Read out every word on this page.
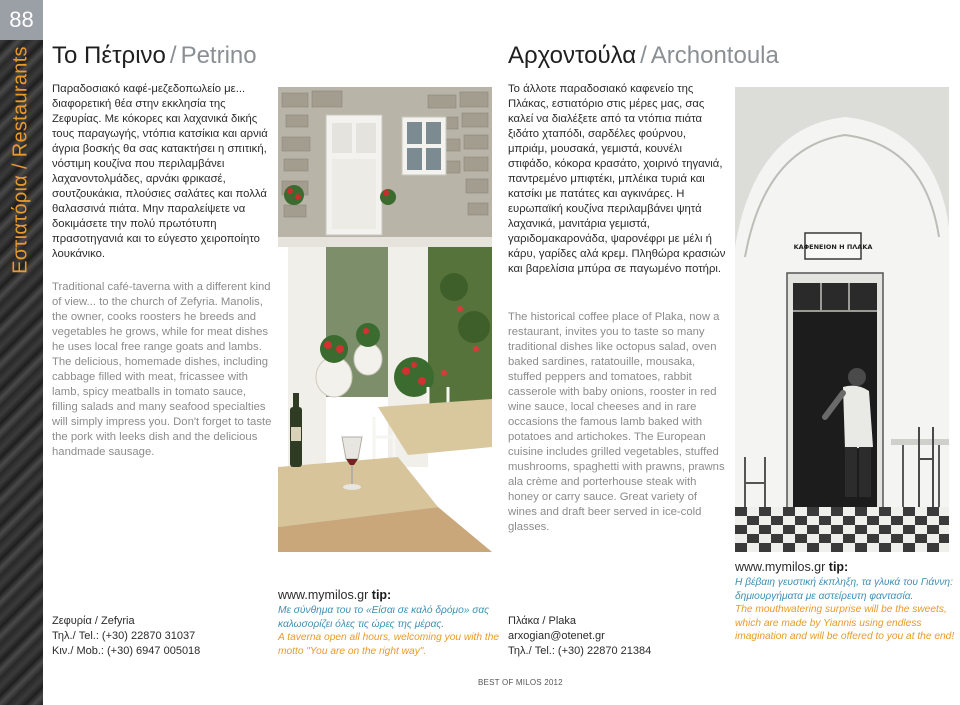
88
Εστιατόρια / Restaurants Το Πέτρινο / Petrino

Παραδοσιακό καφέ-μεζεδοπωλείο με... διαφορετική θέα στην εκκλησία της Ζεφυρίας. Με κόκορες και λαχανικά δικής τους παραγωγής, ντόπια κατσίκια και αρνιά άγρια βοσκής θα σας κατακτήσει η σπιτική, νόστιμη κουζίνα που περιλαμβάνει λαχανοντολμάδες, αρνάκι φρικασέ, σουτζουκάκια, πλούσιες σαλάτες και πολλά θαλασσινά πιάτα. Μην παραλείψετε να δοκιμάσετε την πολύ πρωτότυπη πρασοτηγανιά και το εύγεστο χειροποίητο λουκάνικο.

Traditional café-taverna with a different kind of view... to the church of Zefyria. Manolis, the owner, cooks roosters he breeds and vegetables he grows, while for meat dishes he uses local free range goats and lambs. The delicious, homemade dishes, including cabbage filled with meat, fricassee with lamb, spicy meatballs in tomato sauce, filling salads and many seafood specialties will simply impress you. Don't forget to taste the pork with leeks dish and the delicious handmade sausage.

Ζεφυρία / Zefyria
Τηλ./ Tel.: (+30) 22870 31037
Κιν./ Mob.: (+30) 6947 005018
www.mymilos.gr tip:
Με σύνθημα του το «Είσαι σε καλό δρόμο» σας καλωσορίζει όλες τις ώρες της μέρας.
A taverna open all hours, welcoming you with the motto "You are on the right way".
Αρχοντούλα / Archontoula

Το άλλοτε παραδοσιακό καφενείο της Πλάκας, εστιατόριο στις μέρες μας, σας καλεί να διαλέξετε από τα ντόπια πιάτα ξιδάτο χταπόδι, σαρδέλες φούρνου, μπριάμ, μουσακά, γεμιστά, κουνέλι στιφάδο, κόκορα κρασάτο, χοιρινό τηγανιά, παντρεμένο μπιφτέκι, μπλέικα τυριά και κατσίκι με πατάτες και αγκινάρες. Η ευρωπαϊκή κουζίνα περιλαμβάνει ψητά λαχανικά, μανιτάρια γεμιστά, γαριδομακαρονάδα, ψαρονέφρι με μέλι ή κάρυ, γαρίδες αλά κρεμ. Πληθώρα κρασιών και βαρελίσια μπύρα σε παγωμένο ποτήρι.

The historical coffee place of Plaka, now a restaurant, invites you to taste so many traditional dishes like octopus salad, oven baked sardines, ratatouille, mousaka, stuffed peppers and tomatoes, rabbit casserole with baby onions, rooster in red wine sauce, local cheeses and in rare occasions the famous lamb baked with potatoes and artichokes. The European cuisine includes grilled vegetables, stuffed mushrooms, spaghetti with prawns, prawns ala crème and porterhouse steak with honey or carry sauce. Great variety of wines and draft beer served in ice-cold glasses.

Πλάκα / Plaka
arxogian@otenet.gr
Τηλ./ Tel.: (+30) 22870 21384
ΚΑΦΕΝΕΙΟΝ Η ΠΛΑΚΑ
www.mymilos.gr tip:
Η βέβαιη γευστική έκπληξη, τα γλυκά του Γιάννη: δημιουργήματα με αστείρευτη φαντασία.
The mouthwatering surprise will be the sweets, which are made by Yiannis using endless imagination and will be offered to you at the end!
BEST OF MILOS 2012
